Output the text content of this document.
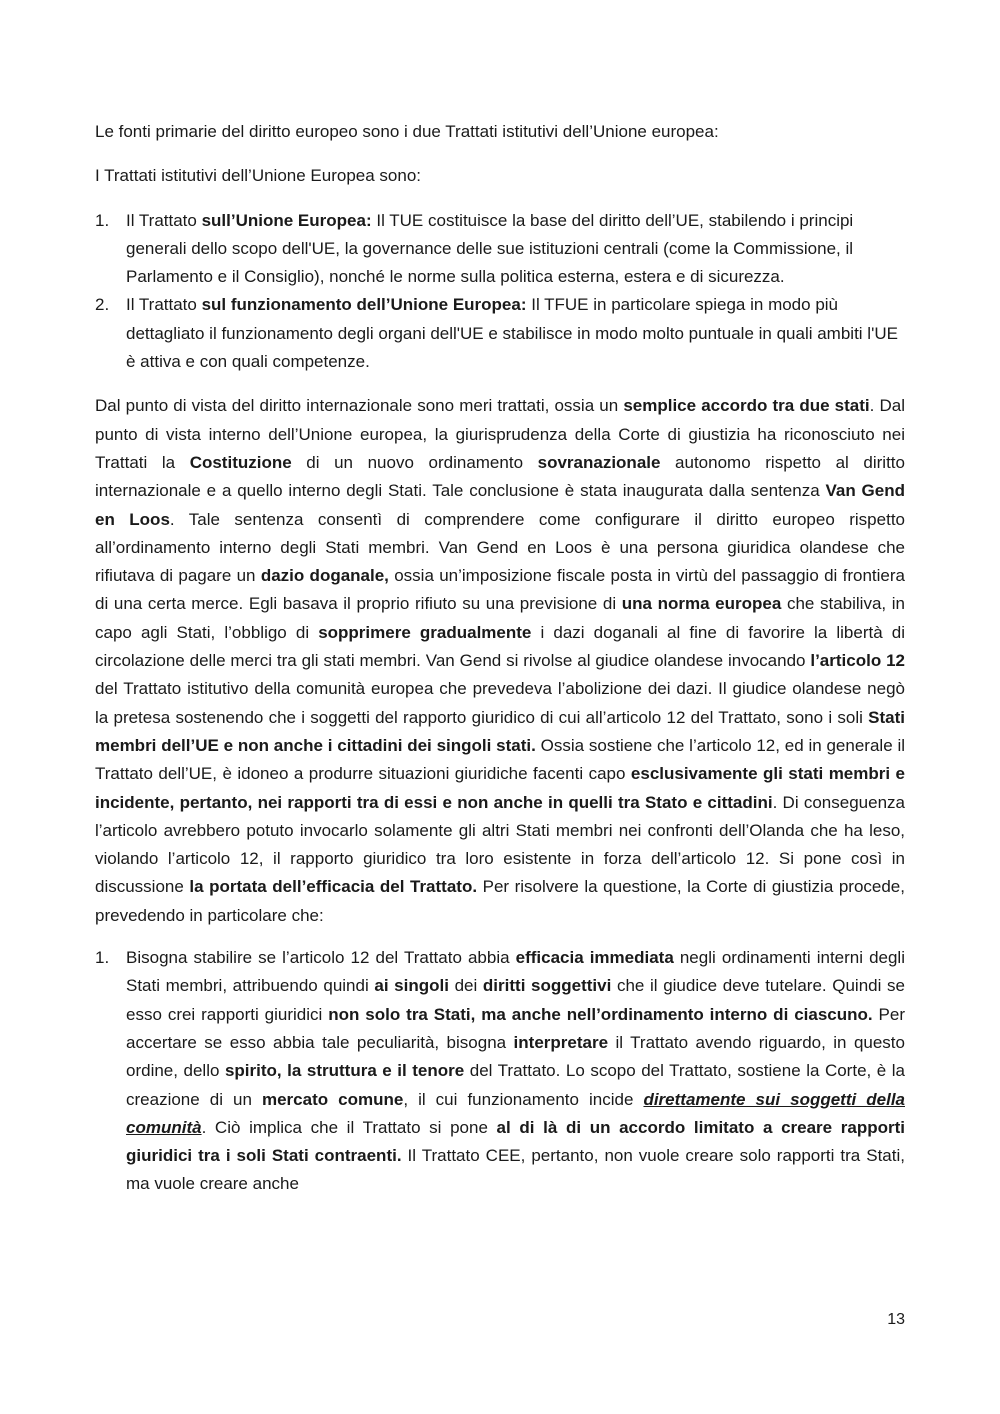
Le fonti primarie del diritto europeo sono i due Trattati istitutivi dell’Unione europea:

I Trattati istitutivi dell’Unione Europea sono:

1. Il Trattato sull’Unione Europea: Il TUE costituisce la base del diritto dell’UE, stabilendo i principi generali dello scopo dell'UE, la governance delle sue istituzioni centrali (come la Commissione, il Parlamento e il Consiglio), nonché le norme sulla politica esterna, estera e di sicurezza.
2. Il Trattato sul funzionamento dell’Unione Europea: Il TFUE in particolare spiega in modo più dettagliato il funzionamento degli organi dell'UE e stabilisce in modo molto puntuale in quali ambiti l'UE è attiva e con quali competenze.

Dal punto di vista del diritto internazionale sono meri trattati, ossia un semplice accordo tra due stati. Dal punto di vista interno dell’Unione europea, la giurisprudenza della Corte di giustizia ha riconosciuto nei Trattati la Costituzione di un nuovo ordinamento sovranazionale autonomo rispetto al diritto internazionale e a quello interno degli Stati. Tale conclusione è stata inaugurata dalla sentenza Van Gend en Loos. Tale sentenza consentì di comprendere come configurare il diritto europeo rispetto all’ordinamento interno degli Stati membri. Van Gend en Loos è una persona giuridica olandese che rifiutava di pagare un dazio doganale, ossia un’imposizione fiscale posta in virtù del passaggio di frontiera di una certa merce. Egli basava il proprio rifiuto su una previsione di una norma europea che stabiliva, in capo agli Stati, l’obbligo di sopprimere gradualmente i dazi doganali al fine di favorire la libertà di circolazione delle merci tra gli stati membri. Van Gend si rivolse al giudice olandese invocando l’articolo 12 del Trattato istitutivo della comunità europea che prevedeva l’abolizione dei dazi. Il giudice olandese negò la pretesa sostenendo che i soggetti del rapporto giuridico di cui all’articolo 12 del Trattato, sono i soli Stati membri dell’UE e non anche i cittadini dei singoli stati. Ossia sostiene che l’articolo 12, ed in generale il Trattato dell’UE, è idoneo a produrre situazioni giuridiche facenti capo esclusivamente gli stati membri e incidente, pertanto, nei rapporti tra di essi e non anche in quelli tra Stato e cittadini. Di conseguenza l’articolo avrebbero potuto invocarlo solamente gli altri Stati membri nei confronti dell’Olanda che ha leso, violando l’articolo 12, il rapporto giuridico tra loro esistente in forza dell’articolo 12. Si pone così in discussione la portata dell’efficacia del Trattato. Per risolvere la questione, la Corte di giustizia procede, prevedendo in particolare che:

1. Bisogna stabilire se l’articolo 12 del Trattato abbia efficacia immediata negli ordinamenti interni degli Stati membri, attribuendo quindi ai singoli dei diritti soggettivi che il giudice deve tutelare. Quindi se esso crei rapporti giuridici non solo tra Stati, ma anche nell’ordinamento interno di ciascuno. Per accertare se esso abbia tale peculiarità, bisogna interpretare il Trattato avendo riguardo, in questo ordine, dello spirito, la struttura e il tenore del Trattato. Lo scopo del Trattato, sostiene la Corte, è la creazione di un mercato comune, il cui funzionamento incide direttamente sui soggetti della comunità. Ciò implica che il Trattato si pone al di là di un accordo limitato a creare rapporti giuridici tra i soli Stati contraenti. Il Trattato CEE, pertanto, non vuole creare solo rapporti tra Stati, ma vuole creare anche
13
